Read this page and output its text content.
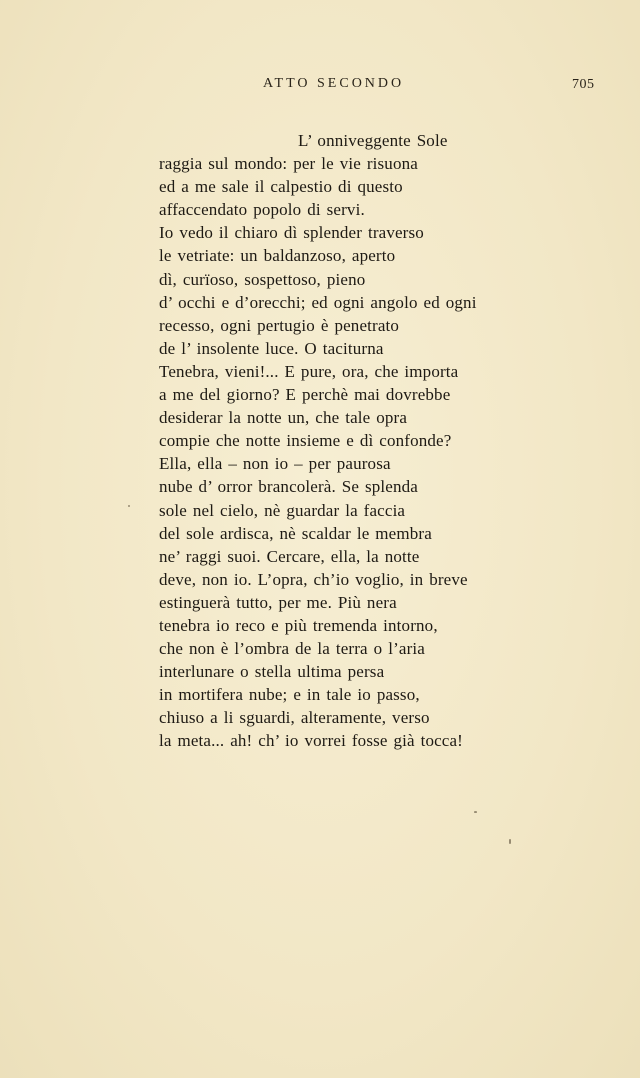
ATTO SECONDO	705
L’ onniveggente Sole
raggia sul mondo: per le vie risuona
ed a me sale il calpestio di questo
affaccendato popolo di servi.
Io vedo il chiaro dì splender traverso
le vetriate: un baldanzoso, aperto
dì, curïoso, sospettoso, pieno
d’ occhi e d’orecchi; ed ogni angolo ed ogni
recesso, ogni pertugio è penetrato
de l’ insolente luce. O taciturna
Tenebra, vieni!... E pure, ora, che importa
a me del giorno? E perchè mai dovrebbe
desiderar la notte un, che tale opra
compie che notte insieme e dì confonde?
Ella, ella – non io – per paurosa
nube d’ orror brancolerà. Se splenda
sole nel cielo, nè guardar la faccia
del sole ardisca, nè scaldar le membra
ne’ raggi suoi. Cercare, ella, la notte
deve, non io. L’opra, ch’io voglio, in breve
estinguerà tutto, per me. Più nera
tenebra io reco e più tremenda intorno,
che non è l’ombra de la terra o l’aria
interlunare o stella ultima persa
in mortifera nube; e in tale io passo,
chiuso a li sguardi, alteramente, verso
la meta... ah! ch’ io vorrei fosse già tocca!
